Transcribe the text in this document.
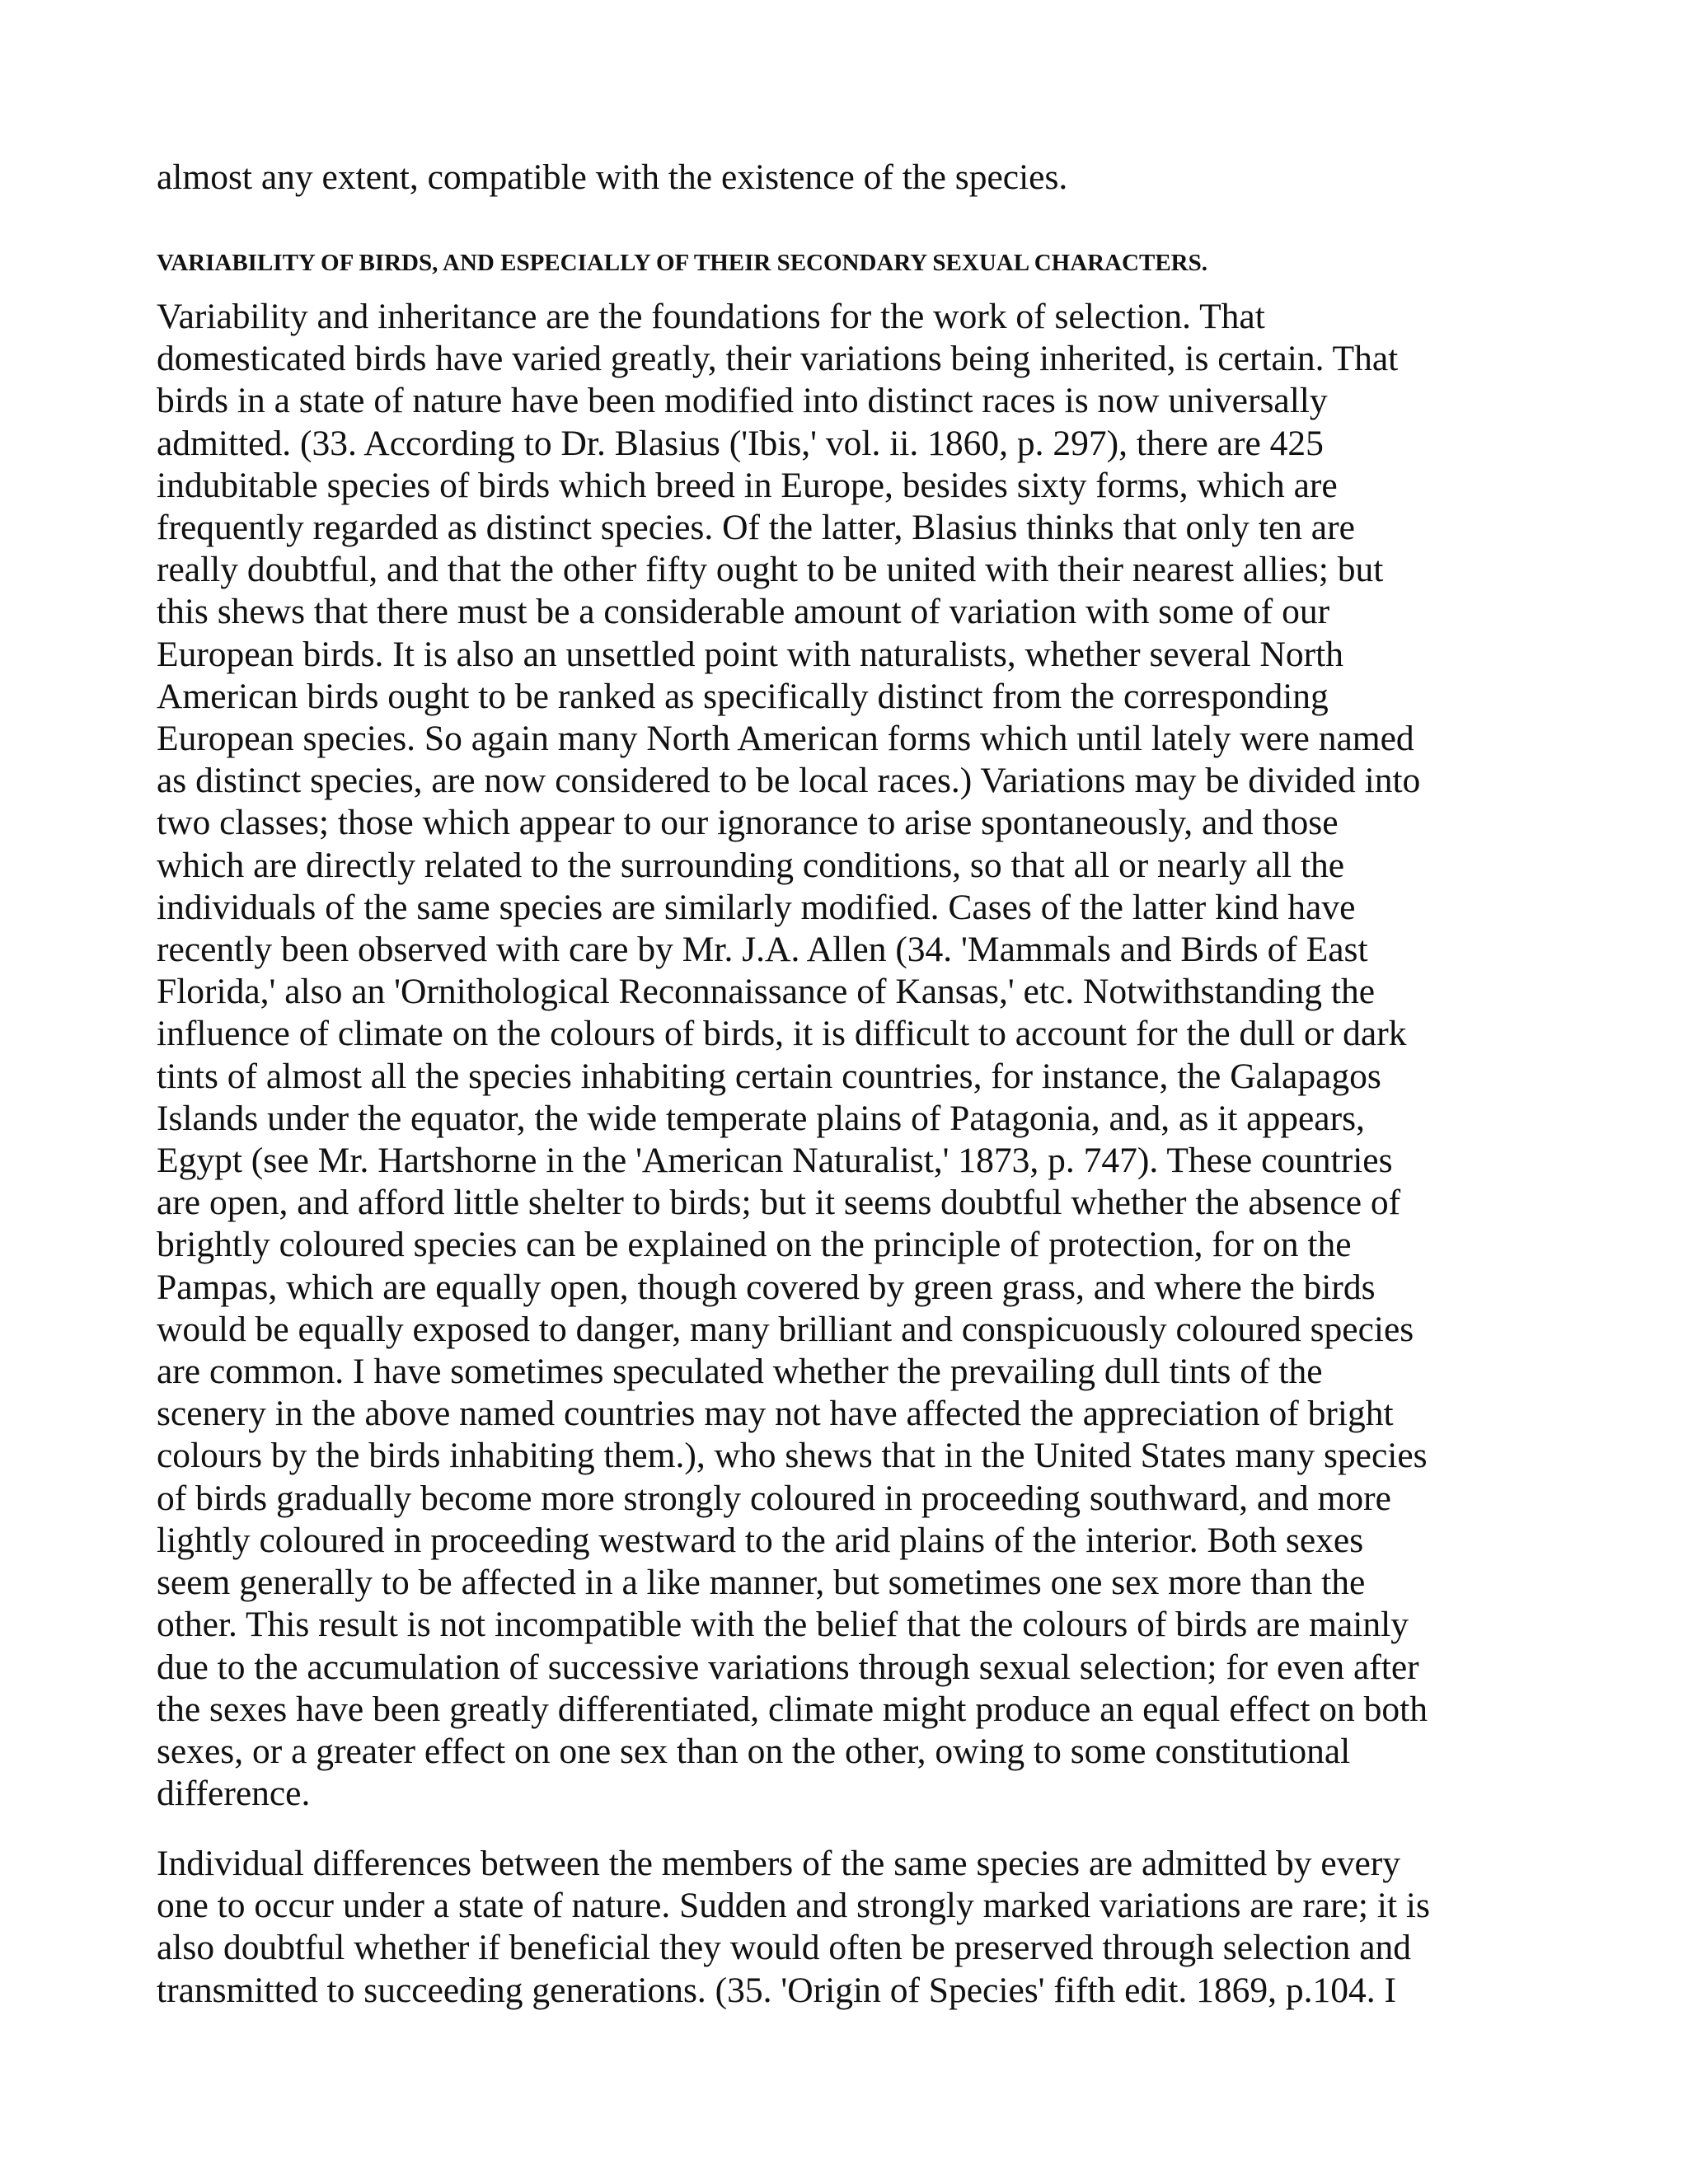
almost any extent, compatible with the existence of the species.

VARIABILITY OF BIRDS, AND ESPECIALLY OF THEIR SECONDARY SEXUAL CHARACTERS.

Variability and inheritance are the foundations for the work of selection. That
domesticated birds have varied greatly, their variations being inherited, is certain. That
birds in a state of nature have been modified into distinct races is now universally
admitted. (33. According to Dr. Blasius ('Ibis,' vol. ii. 1860, p. 297), there are 425
indubitable species of birds which breed in Europe, besides sixty forms, which are
frequently regarded as distinct species. Of the latter, Blasius thinks that only ten are
really doubtful, and that the other fifty ought to be united with their nearest allies; but
this shews that there must be a considerable amount of variation with some of our
European birds. It is also an unsettled point with naturalists, whether several North
American birds ought to be ranked as specifically distinct from the corresponding
European species. So again many North American forms which until lately were named
as distinct species, are now considered to be local races.) Variations may be divided into
two classes; those which appear to our ignorance to arise spontaneously, and those
which are directly related to the surrounding conditions, so that all or nearly all the
individuals of the same species are similarly modified. Cases of the latter kind have
recently been observed with care by Mr. J.A. Allen (34. 'Mammals and Birds of East
Florida,' also an 'Ornithological Reconnaissance of Kansas,' etc. Notwithstanding the
influence of climate on the colours of birds, it is difficult to account for the dull or dark
tints of almost all the species inhabiting certain countries, for instance, the Galapagos
Islands under the equator, the wide temperate plains of Patagonia, and, as it appears,
Egypt (see Mr. Hartshorne in the 'American Naturalist,' 1873, p. 747). These countries
are open, and afford little shelter to birds; but it seems doubtful whether the absence of
brightly coloured species can be explained on the principle of protection, for on the
Pampas, which are equally open, though covered by green grass, and where the birds
would be equally exposed to danger, many brilliant and conspicuously coloured species
are common. I have sometimes speculated whether the prevailing dull tints of the
scenery in the above named countries may not have affected the appreciation of bright
colours by the birds inhabiting them.), who shews that in the United States many species
of birds gradually become more strongly coloured in proceeding southward, and more
lightly coloured in proceeding westward to the arid plains of the interior. Both sexes
seem generally to be affected in a like manner, but sometimes one sex more than the
other. This result is not incompatible with the belief that the colours of birds are mainly
due to the accumulation of successive variations through sexual selection; for even after
the sexes have been greatly differentiated, climate might produce an equal effect on both
sexes, or a greater effect on one sex than on the other, owing to some constitutional
difference.

Individual differences between the members of the same species are admitted by every
one to occur under a state of nature. Sudden and strongly marked variations are rare; it is
also doubtful whether if beneficial they would often be preserved through selection and
transmitted to succeeding generations. (35. 'Origin of Species' fifth edit. 1869, p.104. I
